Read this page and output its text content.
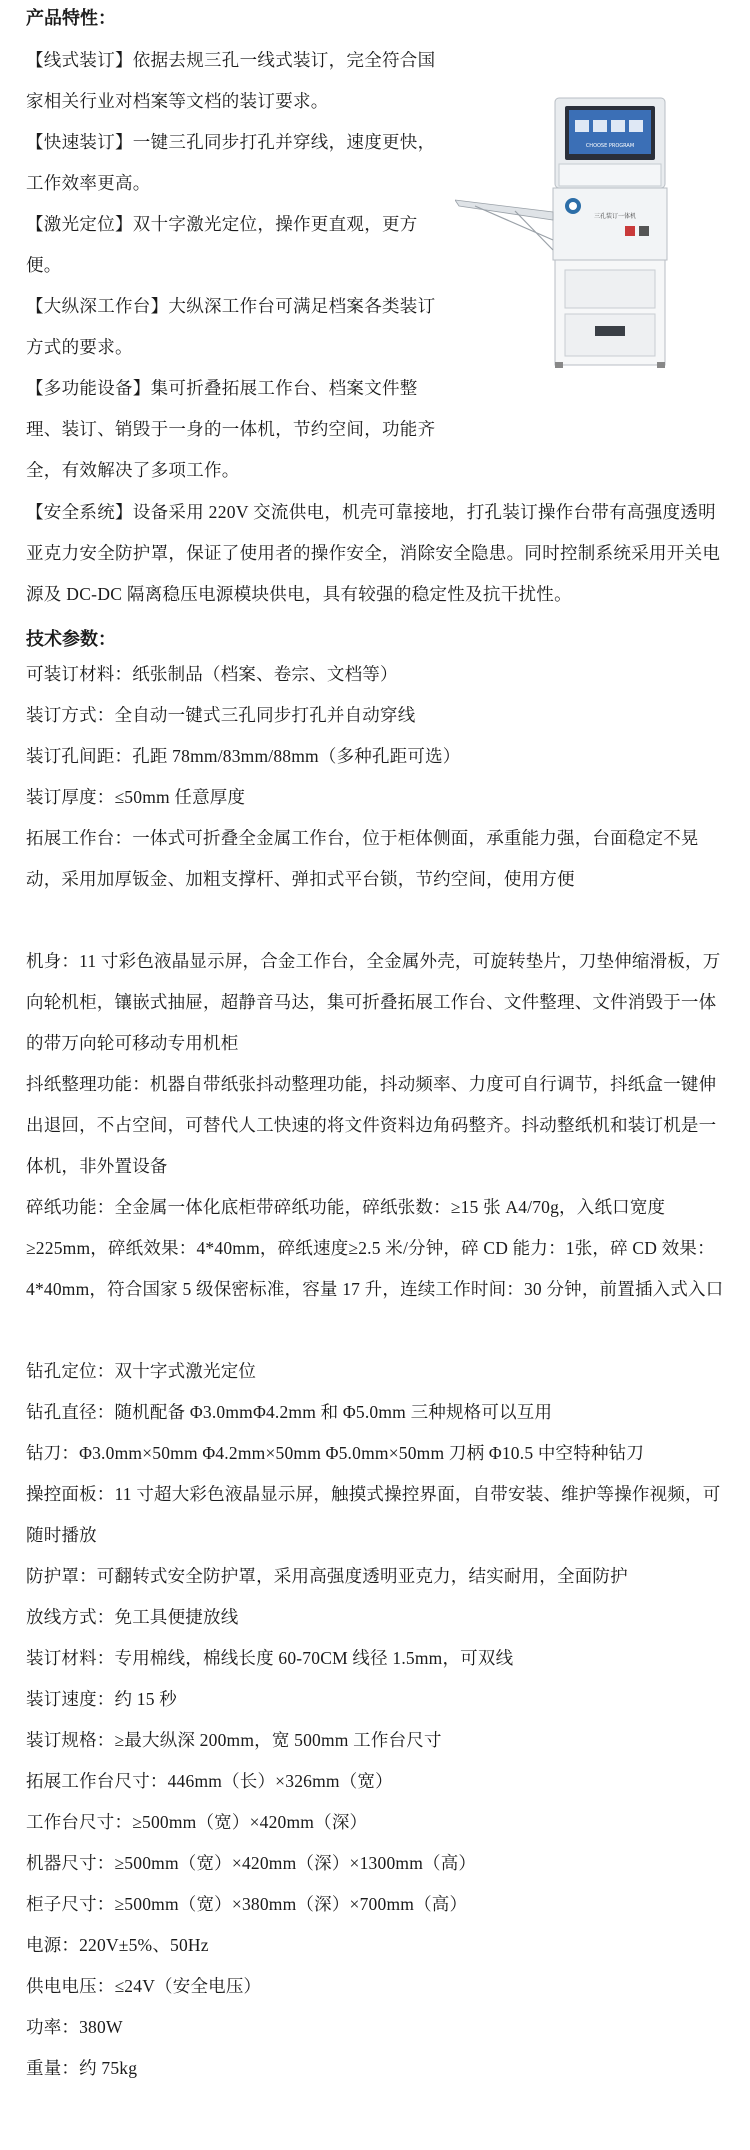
产品特性：
【线式装订】依据去规三孔一线式装订，完全符合国家相关行业对档案等文档的装订要求。
【快速装订】一键三孔同步打孔并穿线，速度更快，工作效率更高。
【激光定位】双十字激光定位，操作更直观，更方便。
【大纵深工作台】大纵深工作台可满足档案各类装订方式的要求。
【多功能设备】集可折叠拓展工作台、档案文件整理、装订、销毁于一身的一体机，节约空间，功能齐全，有效解决了多项工作。
【安全系统】设备采用 220V 交流供电，机壳可靠接地，打孔装订操作台带有高强度透明亚克力安全防护罩，保证了使用者的操作安全，消除安全隐患。同时控制系统采用开关电源及 DC-DC 隔离稳压电源模块供电，具有较强的稳定性及抗干扰性。
CHOOSE PROGRAM
三孔装订一体机
技术参数：
可装订材料：纸张制品（档案、卷宗、文档等）
装订方式：全自动一键式三孔同步打孔并自动穿线
装订孔间距：孔距 78mm/83mm/88mm（多种孔距可选）
装订厚度：≤50mm 任意厚度
拓展工作台：一体式可折叠全金属工作台，位于柜体侧面，承重能力强，台面稳定不晃动，采用加厚钣金、加粗支撑杆、弹扣式平台锁，节约空间，使用方便
机身：11 寸彩色液晶显示屏，合金工作台，全金属外壳，可旋转垫片，刀垫伸缩滑板，万向轮机柜，镶嵌式抽屉，超静音马达，集可折叠拓展工作台、文件整理、文件消毁于一体的带万向轮可移动专用机柜
抖纸整理功能：机器自带纸张抖动整理功能，抖动频率、力度可自行调节，抖纸盒一键伸出退回，不占空间，可替代人工快速的将文件资料边角码整齐。抖动整纸机和装订机是一体机，非外置设备
碎纸功能：全金属一体化底柜带碎纸功能，碎纸张数：≥15 张 A4/70g，入纸口宽度≥225mm，碎纸效果：4*40mm，碎纸速度≥2.5 米/分钟，碎 CD 能力：1张，碎 CD 效果：4*40mm，符合国家 5 级保密标准，容量 17 升，连续工作时间：30 分钟，前置插入式入口
钻孔定位：双十字式激光定位
钻孔直径：随机配备 Φ3.0mmΦ4.2mm 和 Φ5.0mm 三种规格可以互用
钻刀：Φ3.0mm×50mm Φ4.2mm×50mm Φ5.0mm×50mm 刀柄 Φ10.5 中空特种钻刀
操控面板：11 寸超大彩色液晶显示屏，触摸式操控界面，自带安装、维护等操作视频，可随时播放
防护罩：可翻转式安全防护罩，采用高强度透明亚克力，结实耐用，全面防护
放线方式：免工具便捷放线
装订材料：专用棉线，棉线长度 60-70CM 线径 1.5mm，可双线
装订速度：约 15 秒
装订规格：≥最大纵深 200mm，宽 500mm 工作台尺寸
拓展工作台尺寸：446mm（长）×326mm（宽）
工作台尺寸：≥500mm（宽）×420mm（深）
机器尺寸：≥500mm（宽）×420mm（深）×1300mm（高）
柜子尺寸：≥500mm（宽）×380mm（深）×700mm（高）
电源：220V±5%、50Hz
供电电压：≤24V（安全电压）
功率：380W
重量：约 75kg
